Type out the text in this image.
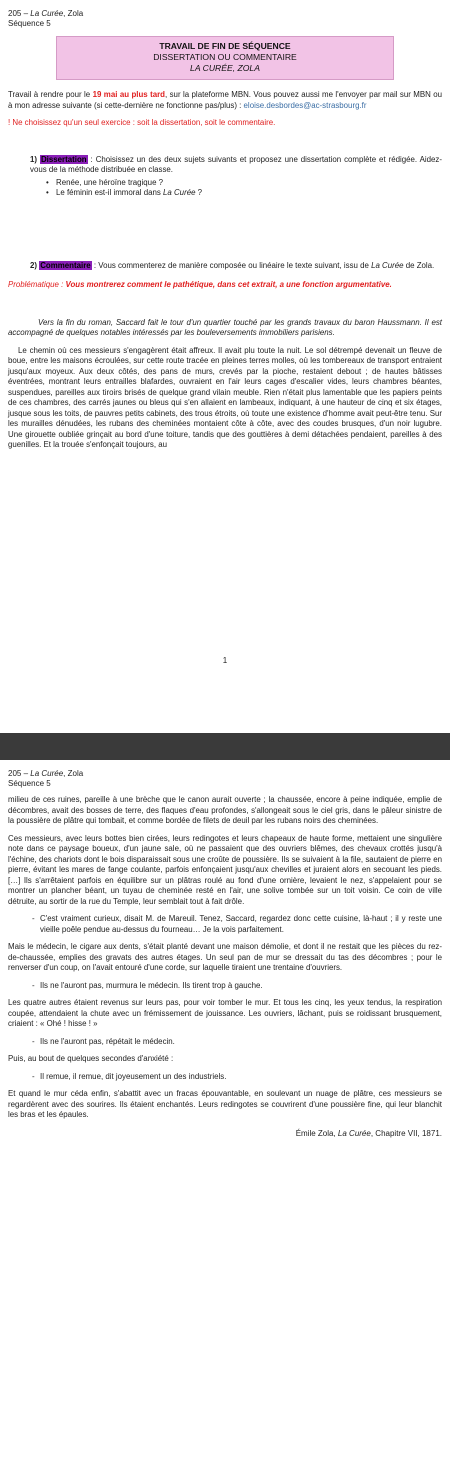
205 – La Curée, Zola
Séquence 5
TRAVAIL DE FIN DE SÉQUENCE
DISSERTATION OU COMMENTAIRE
LA CURÉE, ZOLA

Travail à rendre pour le 19 mai au plus tard, sur la plateforme MBN. Vous pouvez aussi me l'envoyer par mail sur MBN ou à mon adresse suivante (si cette-dernière ne fonctionne pas/plus) : eloise.desbordes@ac-strasbourg.fr

! Ne choisissez qu'un seul exercice : soit la dissertation, soit le commentaire.

1) Dissertation : Choisissez un des deux sujets suivants et proposez une dissertation complète et rédigée. Aidez-vous de la méthode distribuée en classe.

• Renée, une héroïne tragique ?
• Le féminin est-il immoral dans La Curée ?

2) Commentaire : Vous commenterez de manière composée ou linéaire le texte suivant, issu de La Curée de Zola.

Problématique : Vous montrerez comment le pathétique, dans cet extrait, a une fonction argumentative.

Vers la fin du roman, Saccard fait le tour d'un quartier touché par les grands travaux du baron Haussmann. Il est accompagné de quelques notables intéressés par les bouleversements immobiliers parisiens.

Le chemin où ces messieurs s'engagèrent était affreux. Il avait plu toute la nuit. Le sol détrempé devenait un fleuve de boue, entre les maisons écroulées, sur cette route tracée en pleines terres molles, où les tombereaux de transport entraient jusqu'aux moyeux. Aux deux côtés, des pans de murs, crevés par la pioche, restaient debout ; de hautes bâtisses éventrées, montrant leurs entrailles blafardes, ouvraient en l'air leurs cages d'escalier vides, leurs chambres béantes, suspendues, pareilles aux tiroirs brisés de quelque grand vilain meuble. Rien n'était plus lamentable que les papiers peints de ces chambres, des carrés jaunes ou bleus qui s'en allaient en lambeaux, indiquant, à une hauteur de cinq et six étages, jusque sous les toits, de pauvres petits cabinets, des trous étroits, où toute une existence d'homme avait peut-être tenu. Sur les murailles dénudées, les rubans des cheminées montaient côte à côte, avec des coudes brusques, d'un noir lugubre. Une girouette oubliée grinçait au bord d'une toiture, tandis que des gouttières à demi détachées pendaient, pareilles à des guenilles. Et la trouée s'enfonçait toujours, au

1
205 – La Curée, Zola
Séquence 5

milieu de ces ruines, pareille à une brèche que le canon aurait ouverte ; la chaussée, encore à peine indiquée, emplie de décombres, avait des bosses de terre, des flaques d'eau profondes, s'allongeait sous le ciel gris, dans le pâleur sinistre de la poussière de plâtre qui tombait, et comme bordée de filets de deuil par les rubans noirs des cheminées.

Ces messieurs, avec leurs bottes bien cirées, leurs redingotes et leurs chapeaux de haute forme, mettaient une singulière note dans ce paysage boueux, d'un jaune sale, où ne passaient que des ouvriers blêmes, des chevaux crottés jusqu'à l'échine, des chariots dont le bois disparaissait sous une croûte de poussière. Ils se suivaient à la file, sautaient de pierre en pierre, évitant les mares de fange coulante, parfois enfonçaient jusqu'aux chevilles et juraient alors en secouant les pieds. […] Ils s'arrêtaient parfois en équilibre sur un plâtras roulé au fond d'une ornière, levaient le nez, s'appelaient pour se montrer un plancher béant, un tuyau de cheminée resté en l'air, une solive tombée sur un toit voisin. Ce coin de ville détruite, au sortir de la rue du Temple, leur semblait tout à fait drôle.

- C'est vraiment curieux, disait M. de Mareuil. Tenez, Saccard, regardez donc cette cuisine, là-haut ; il y reste une vieille poêle pendue au-dessus du fourneau… Je la vois parfaitement.

Mais le médecin, le cigare aux dents, s'était planté devant une maison démolie, et dont il ne restait que les pièces du rez-de-chaussée, emplies des gravats des autres étages. Un seul pan de mur se dressait du tas des décombres ; pour le renverser d'un coup, on l'avait entouré d'une corde, sur laquelle tiraient une trentaine d'ouvriers.

- Ils ne l'auront pas, murmura le médecin. Ils tirent trop à gauche.

Les quatre autres étaient revenus sur leurs pas, pour voir tomber le mur. Et tous les cinq, les yeux tendus, la respiration coupée, attendaient la chute avec un frémissement de jouissance. Les ouvriers, lâchant, puis se roidissant brusquement, criaient : « Ohé ! hisse ! »

- Ils ne l'auront pas, répétait le médecin.

Puis, au bout de quelques secondes d'anxiété :

- Il remue, il remue, dit joyeusement un des industriels.

Et quand le mur céda enfin, s'abattit avec un fracas épouvantable, en soulevant un nuage de plâtre, ces messieurs se regardèrent avec des sourires. Ils étaient enchantés. Leurs redingotes se couvrirent d'une poussière fine, qui leur blanchit les bras et les épaules.

Émile Zola, La Curée, Chapitre VII, 1871.
